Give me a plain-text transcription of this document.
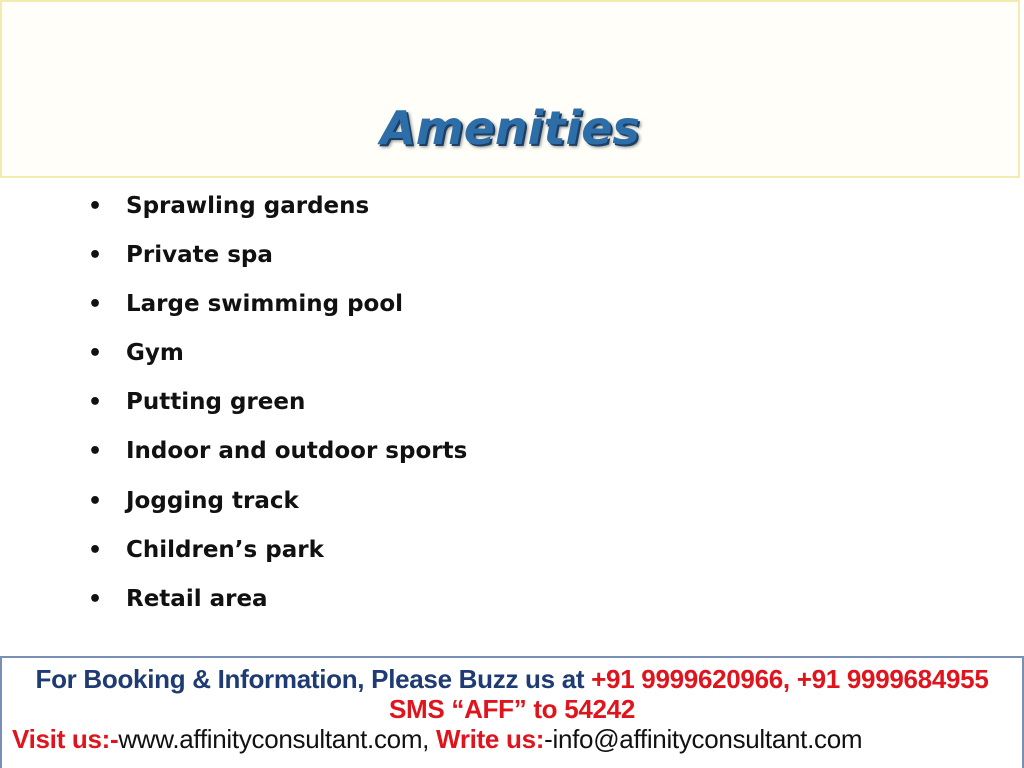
Amenities
• Sprawling gardens
• Private spa
• Large swimming pool
• Gym
• Putting green
• Indoor and outdoor sports
• Jogging track
• Children’s park
• Retail area
For Booking & Information, Please Buzz us at +91 9999620966, +91 9999684955
SMS “AFF” to 54242
Visit us:-www.affinityconsultant.com, Write us:-info@affinityconsultant.com
